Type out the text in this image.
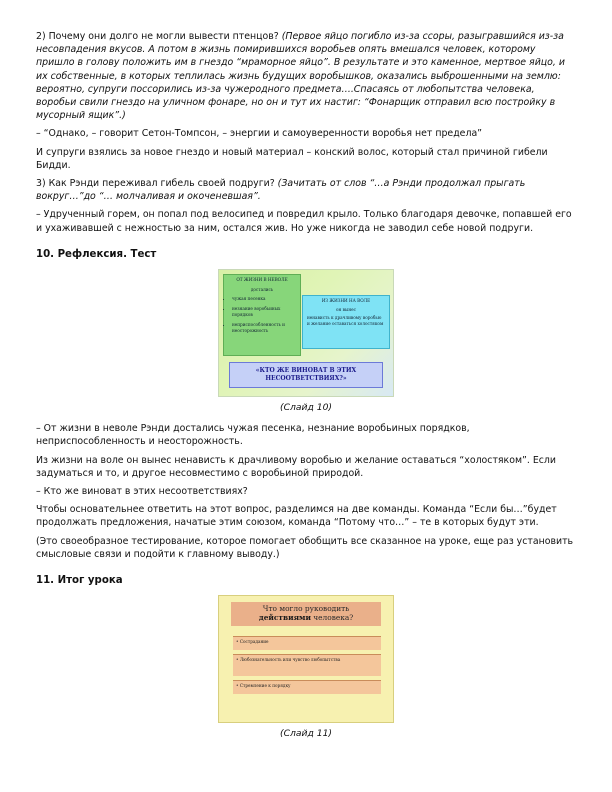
2) Почему они долго не могли вывести птенцов? (Первое яйцо погибло из-за ссоры, разыгравшийся из-за несовпадения вкусов. А потом в жизнь помирившихся воробьев опять вмешался человек, которому пришло в голову положить им в гнездо “мраморное яйцо”. В результате и это каменное, мертвое яйцо, и их собственные, в которых теплилась жизнь будущих воробышков, оказались выброшенными на землю: вероятно, супруги поссорились из-за чужеродного предмета….Спасаясь от любопытства человека, воробьи свили гнездо на уличном фонаре, но он и тут их настиг: “Фонарщик отправил всю постройку в мусорный ящик”.)

– “Однако, – говорит Сетон-Томпсон, – энергии и самоуверенности воробья нет предела”

И супруги взялись за новое гнездо и новый материал – конский волос, который стал причиной гибели Бидди.

3) Как Рэнди переживал гибель своей подруги? (Зачитать от слов “…а Рэнди продолжал прыгать вокруг…”до “… молчаливая и окоченевшая”.

– Удрученный горем, он попал под велосипед и повредил крыло. Только благодаря девочке, попавшей его и ухаживавшей с нежностью за ним, остался жив. Но уже никогда не заводил себе новой подруги.

10. Рефлексия. Тест
ОТ ЖИЗНИ В НЕВОЛЕ
достались
• чужая песенка
• незнание воробьиных порядков
• неприспособленность и неосторожность
ИЗ ЖИЗНИ НА ВОЛЕ
он вынес
ненависть к драчливому воробью и желание оставаться холостяком
«КТО ЖЕ ВИНОВАТ В ЭТИХ НЕСООТВЕТСТВИЯХ?»
(Слайд 10)

– От жизни в неволе Рэнди достались чужая песенка, незнание воробьиных порядков, неприспособленность и неосторожность.

Из жизни на воле он вынес ненависть к драчливому воробью и желание оставаться “холостяком”. Если задуматься и то, и другое несовместимо с воробьиной природой.

– Кто же виноват в этих несоответствиях?

Чтобы основательнее ответить на этот вопрос, разделимся на две команды. Команда “Если бы…”будет продолжать предложения, начатые этим союзом, команда “Потому что…” – те в которых будут эти.

(Это своеобразное тестирование, которое помогает обобщить все сказанное на уроке, еще раз установить смысловые связи и подойти к главному выводу.)

11. Итог урока
Что могло руководить
действиями человека?
• Сострадание
• Любознательность или чувство любопытства
• Стремление к порядку
(Слайд 11)
